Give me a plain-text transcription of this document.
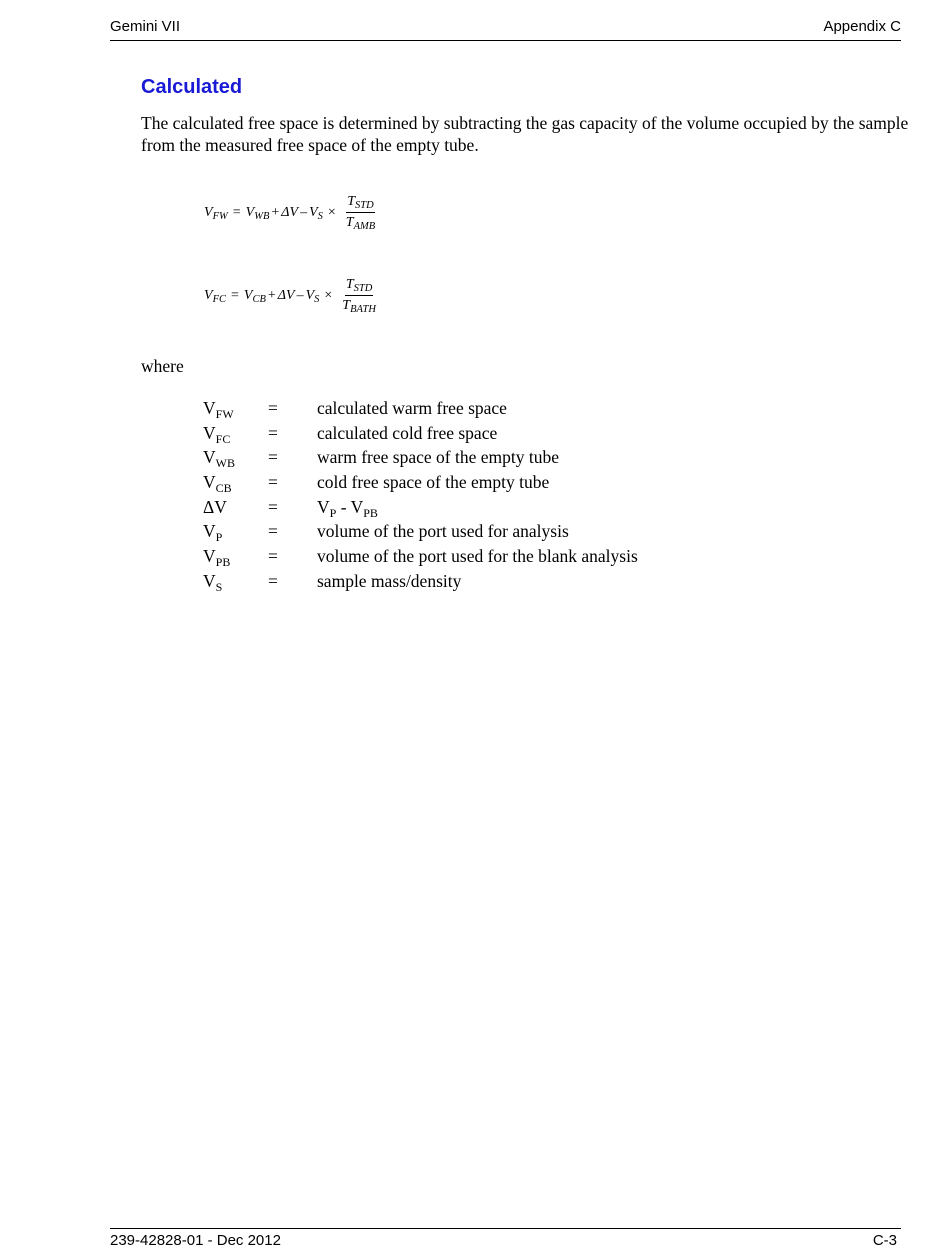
Gemini VII	Appendix C
Calculated
The calculated free space is determined by subtracting the gas capacity of the volume occupied by the sample from the measured free space of the empty tube.
$V_{FW} = V_{WB} + \Delta V - V_S \times \frac{T_{STD}}{T_{AMB}}$
$V_{FC} = V_{CB} + \Delta V - V_S \times \frac{T_{STD}}{T_{BATH}}$
where
$V_{FW}$ = calculated warm free space
$V_{FC}$ = calculated cold free space
$V_{WB}$ = warm free space of the empty tube
$V_{CB}$ = cold free space of the empty tube
$\Delta V = V_P - V_{PB}$
$V_P$	= volume of the port used for analysis
$V_{PB}$ = volume of the port used for the blank analysis
$V_S$	= sample mass/density
239-42828-01 - Dec 2012	C-3
